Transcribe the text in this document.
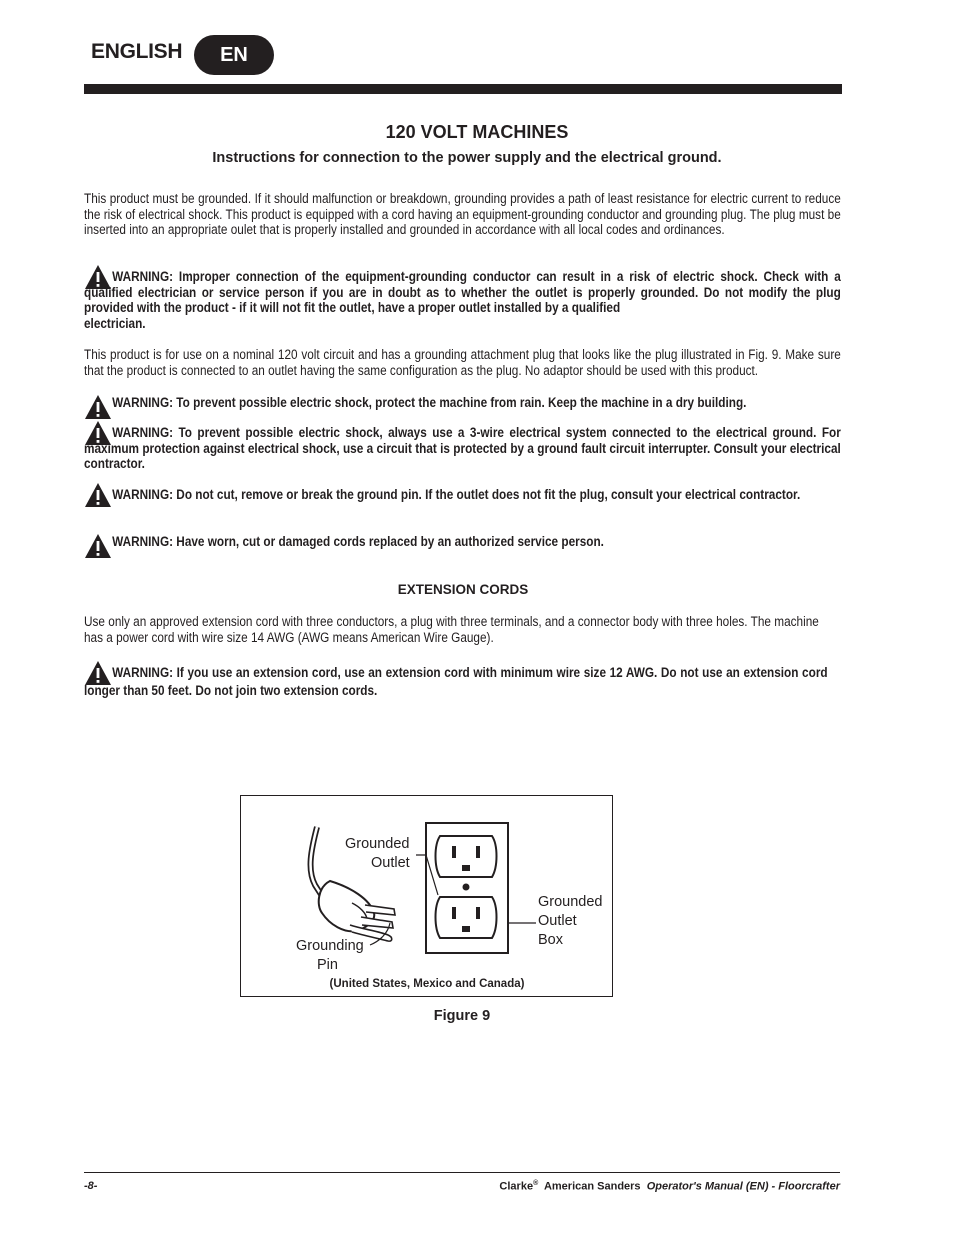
ENGLISH	EN
120 VOLT MACHINES
Instructions for connection to the power supply and the electrical ground.
This product must be grounded. If it should malfunction or breakdown, grounding provides a path of least resistance for electric current to reduce the risk of electrical shock. This product is equipped with a cord having an equipment-grounding conductor and grounding plug. The plug must be inserted into an appropriate oulet that is properly installed and grounded in accordance with all local codes and ordinances.
WARNING: Improper connection of the equipment-grounding conductor can result in a risk of electric shock. Check with a qualified electrician or service person if you are in doubt as to whether the outlet is properly grounded. Do not modify the plug provided with the product - if it will not fit the outlet, have a proper outlet installed by a qualified
electrician.
This product is for use on a nominal 120 volt circuit and has a grounding attachment plug that looks like the plug illustrated in Fig. 9. Make sure that the product is connected to an outlet having the same configuration as the plug. No adaptor should be used with this product.
WARNING: To prevent possible electric shock, protect the machine from rain. Keep the machine in a dry building.
WARNING: To prevent possible electric shock, always use a 3-wire electrical system connected to the electrical ground. For maximum protection against electrical shock, use a circuit that is protected by a ground fault circuit interrupter. Consult your electrical contractor.
WARNING: Do not cut, remove or break the ground pin. If the outlet does not fit the plug, consult your electrical contractor.
WARNING: Have worn, cut or damaged cords replaced by an authorized service person.
EXTENSION CORDS
Use only an approved extension cord with three conductors, a plug with three terminals, and a connector body with three holes. The machine has a power cord with wire size 14 AWG (AWG means American Wire Gauge).
WARNING: If you use an extension cord, use an extension cord with minimum wire size 12 AWG. Do not use an extension cord longer than 50 feet. Do not join two extension cords.
Grounded
Outlet
Grounded
Outlet
Box
Grounding
Pin
(United States, Mexico and Canada)
Figure 9
-8-	Clarke® American Sanders Operator's Manual (EN) - Floorcrafter
